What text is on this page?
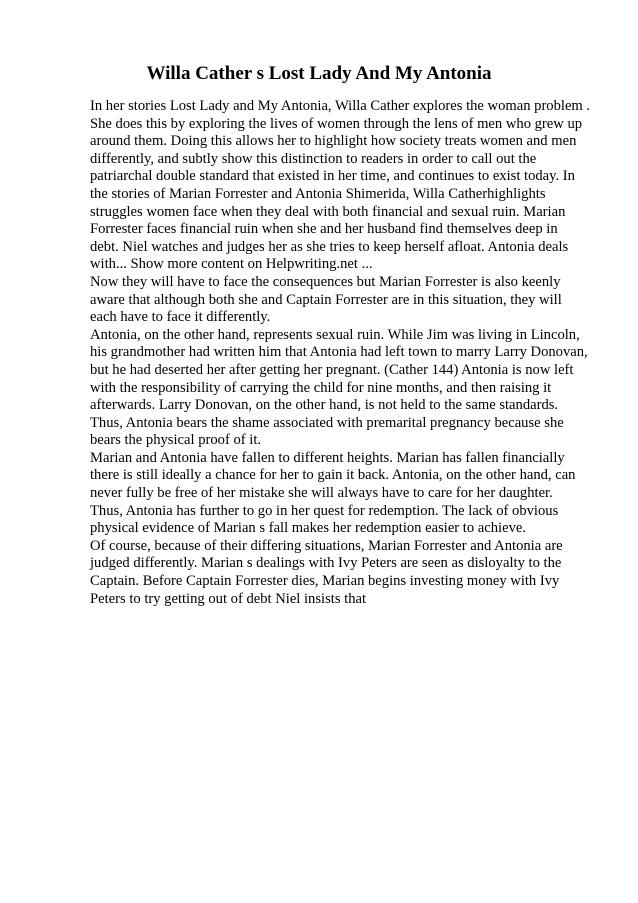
Willa Cather s Lost Lady And My Antonia
In her stories Lost Lady and My Antonia, Willa Cather explores the woman problem .
She does this by exploring the lives of women through the lens of men who grew up
around them. Doing this allows her to highlight how society treats women and men
differently, and subtly show this distinction to readers in order to call out the
patriarchal double standard that existed in her time, and continues to exist today. In
the stories of Marian Forrester and Antonia Shimerida, Willa Catherhighlights
struggles women face when they deal with both financial and sexual ruin. Marian
Forrester faces financial ruin when she and her husband find themselves deep in
debt. Niel watches and judges her as she tries to keep herself afloat. Antonia deals
with... Show more content on Helpwriting.net ...
Now they will have to face the consequences but Marian Forrester is also keenly
aware that although both she and Captain Forrester are in this situation, they will
each have to face it differently.
Antonia, on the other hand, represents sexual ruin. While Jim was living in Lincoln,
his grandmother had written him that Antonia had left town to marry Larry Donovan,
but he had deserted her after getting her pregnant. (Cather 144) Antonia is now left
with the responsibility of carrying the child for nine months, and then raising it
afterwards. Larry Donovan, on the other hand, is not held to the same standards.
Thus, Antonia bears the shame associated with premarital pregnancy because she
bears the physical proof of it.
Marian and Antonia have fallen to different heights. Marian has fallen financially
there is still ideally a chance for her to gain it back. Antonia, on the other hand, can
never fully be free of her mistake she will always have to care for her daughter.
Thus, Antonia has further to go in her quest for redemption. The lack of obvious
physical evidence of Marian s fall makes her redemption easier to achieve.
Of course, because of their differing situations, Marian Forrester and Antonia are
judged differently. Marian s dealings with Ivy Peters are seen as disloyalty to the
Captain. Before Captain Forrester dies, Marian begins investing money with Ivy
Peters to try getting out of debt Niel insists that
